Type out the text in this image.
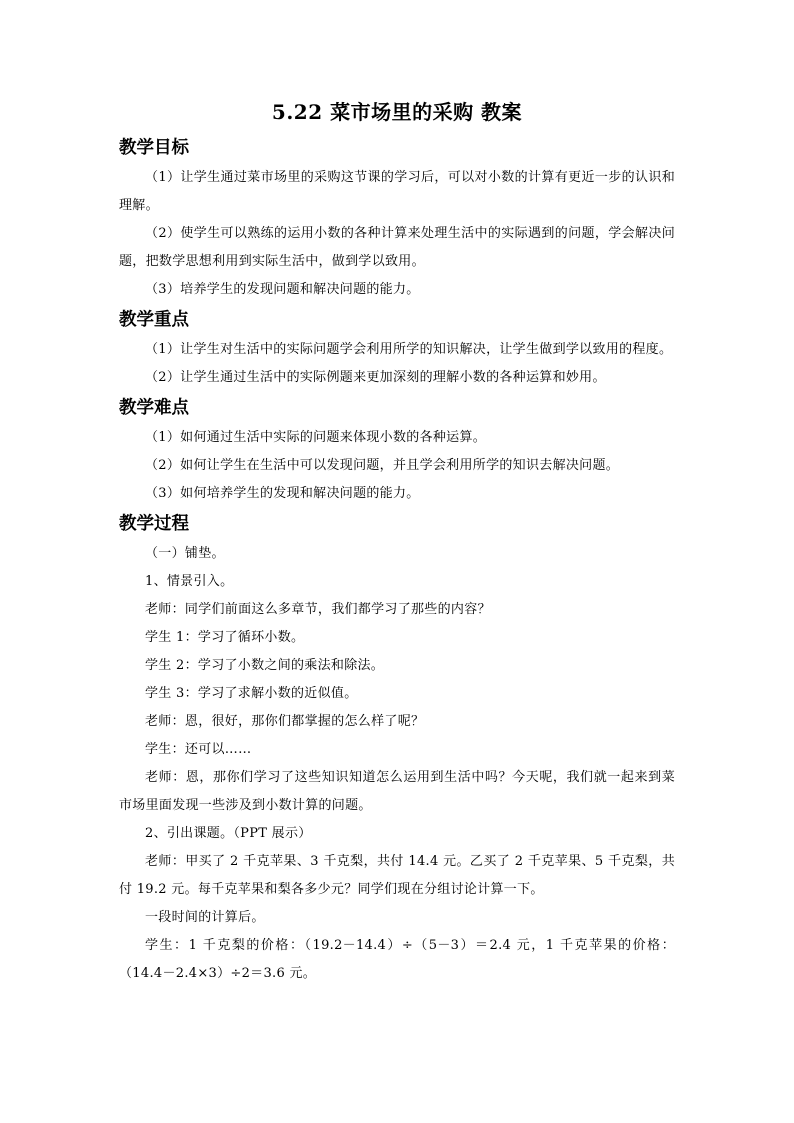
5.22 菜市场里的采购 教案
教学目标

（1）让学生通过菜市场里的采购这节课的学习后，可以对小数的计算有更近一步的认识和理解。

（2）使学生可以熟练的运用小数的各种计算来处理生活中的实际遇到的问题，学会解决问题，把数学思想利用到实际生活中，做到学以致用。

（3）培养学生的发现问题和解决问题的能力。

教学重点

（1）让学生对生活中的实际问题学会利用所学的知识解决，让学生做到学以致用的程度。

（2）让学生通过生活中的实际例题来更加深刻的理解小数的各种运算和妙用。

教学难点

（1）如何通过生活中实际的问题来体现小数的各种运算。

（2）如何让学生在生活中可以发现问题，并且学会利用所学的知识去解决问题。

（3）如何培养学生的发现和解决问题的能力。

教学过程

（一）铺垫。

1、情景引入。

老师：同学们前面这么多章节，我们都学习了那些的内容？

学生 1：学习了循环小数。

学生 2：学习了小数之间的乘法和除法。

学生 3：学习了求解小数的近似值。

老师：恩，很好，那你们都掌握的怎么样了呢？

学生：还可以……

老师：恩，那你们学习了这些知识知道怎么运用到生活中吗？今天呢，我们就一起来到菜市场里面发现一些涉及到小数计算的问题。

2、引出课题。（PPT 展示）

老师：甲买了 2 千克苹果、3 千克梨，共付 14.4 元。乙买了 2 千克苹果、5 千克梨，共付 19.2 元。每千克苹果和梨各多少元？同学们现在分组讨论计算一下。

一段时间的计算后。

学生：1 千克梨的价格：（19.2－14.4）÷（5－3）＝2.4 元，1 千克苹果的价格：（14.4－2.4×3）÷2＝3.6 元。
